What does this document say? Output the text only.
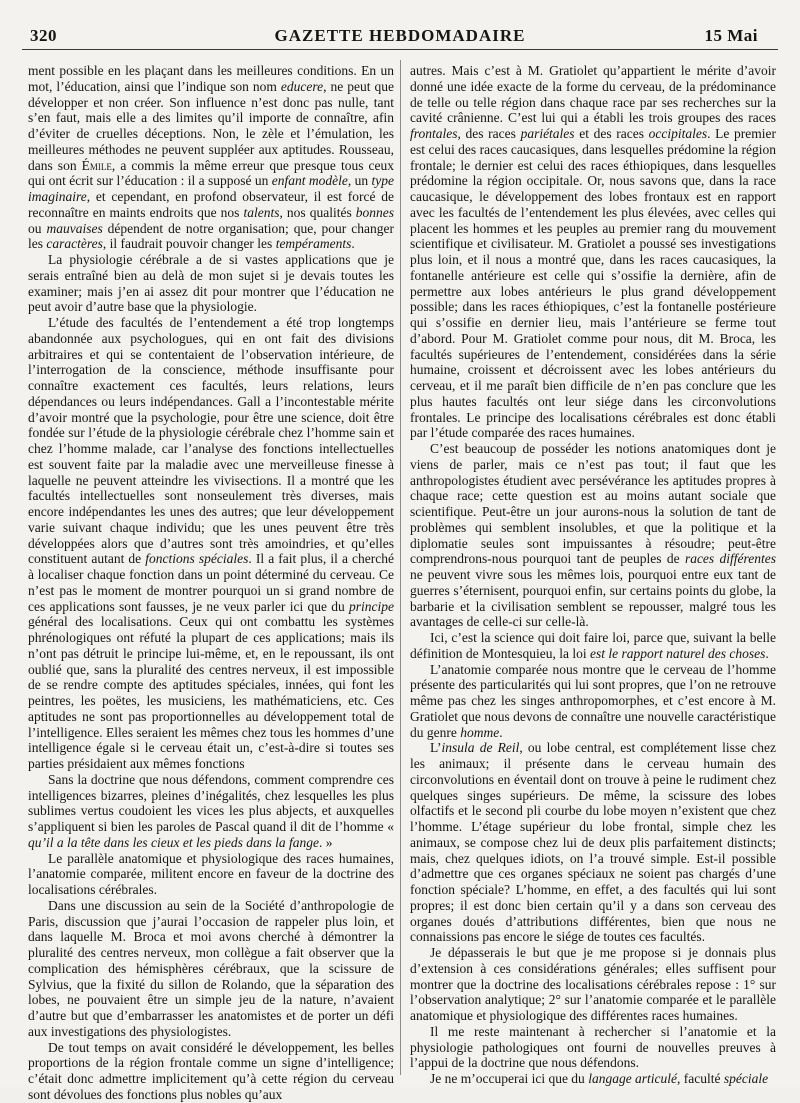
320	GAZETTE HEBDOMADAIRE	15 Mai

ment possible en les plaçant dans les meilleures conditions. En un mot, l’éducation, ainsi que l’indique son nom educere, ne peut que développer et non créer. Son influence n’est donc pas nulle, tant s’en faut, mais elle a des limites qu’il importe de connaître, afin d’éviter de cruelles déceptions. Non, le zèle et l’émulation, les meilleures méthodes ne peuvent suppléer aux aptitudes. Rousseau, dans son Émile, a commis la même erreur que presque tous ceux qui ont écrit sur l’éducation : il a supposé un enfant modèle, un type imaginaire, et cependant, en profond observateur, il est forcé de reconnaître en maints endroits que nos talents, nos qualités bonnes ou mauvaises dépendent de notre organisation; que, pour changer les caractères, il faudrait pouvoir changer les tempéraments.

La physiologie cérébrale a de si vastes applications que je serais entraîné bien au delà de mon sujet si je devais toutes les examiner; mais j’en ai assez dit pour montrer que l’éducation ne peut avoir d’autre base que la physiologie.

L’étude des facultés de l’entendement a été trop longtemps abandonnée aux psychologues, qui en ont fait des divisions arbitraires et qui se contentaient de l’observation intérieure, de l’interrogation de la conscience, méthode insuffisante pour connaître exactement ces facultés, leurs relations, leurs dépendances ou leurs indépendances. Gall a l’incontestable mérite d’avoir montré que la psychologie, pour être une science, doit être fondée sur l’étude de la physiologie cérébrale chez l’homme sain et chez l’homme malade, car l’analyse des fonctions intellectuelles est souvent faite par la maladie avec une merveilleuse finesse à laquelle ne peuvent atteindre les vivisections. Il a montré que les facultés intellectuelles sont nonseulement très diverses, mais encore indépendantes les unes des autres; que leur développement varie suivant chaque individu; que les unes peuvent être très développées alors que d’autres sont très amoindries, et qu’elles constituent autant de fonctions spéciales. Il a fait plus, il a cherché à localiser chaque fonction dans un point déterminé du cerveau. Ce n’est pas le moment de montrer pourquoi un si grand nombre de ces applications sont fausses, je ne veux parler ici que du principe général des localisations. Ceux qui ont combattu les systèmes phrénologiques ont réfuté la plupart de ces applications; mais ils n’ont pas détruit le principe lui-même, et, en le repoussant, ils ont oublié que, sans la pluralité des centres nerveux, il est impossible de se rendre compte des aptitudes spéciales, innées, qui font les peintres, les poëtes, les musiciens, les mathématiciens, etc. Ces aptitudes ne sont pas proportionnelles au développement total de l’intelligence. Elles seraient les mêmes chez tous les hommes d’une intelligence égale si le cerveau était un, c’est-à-dire si toutes ses parties présidaient aux mêmes fonctions

Sans la doctrine que nous défendons, comment comprendre ces intelligences bizarres, pleines d’inégalités, chez lesquelles les plus sublimes vertus coudoient les vices les plus abjects, et auxquelles s’appliquent si bien les paroles de Pascal quand il dit de l’homme « qu’il a la tête dans les cieux et les pieds dans la fange. »

Le parallèle anatomique et physiologique des races humaines, l’anatomie comparée, militent encore en faveur de la doctrine des localisations cérébrales.

Dans une discussion au sein de la Société d’anthropologie de Paris, discussion que j’aurai l’occasion de rappeler plus loin, et dans laquelle M. Broca et moi avons cherché à démontrer la pluralité des centres nerveux, mon collègue a fait observer que la complication des hémisphères cérébraux, que la scissure de Sylvius, que la fixité du sillon de Rolando, que la séparation des lobes, ne pouvaient être un simple jeu de la nature, n’avaient d’autre but que d’embarrasser les anatomistes et de porter un défi aux investigations des physiologistes.

De tout temps on avait considéré le développement, les belles proportions de la région frontale comme un signe d’intelligence; c’était donc admettre implicitement qu’à cette région du cerveau sont dévolues des fonctions plus nobles qu’aux

autres. Mais c’est à M. Gratiolet qu’appartient le mérite d’avoir donné une idée exacte de la forme du cerveau, de la prédominance de telle ou telle région dans chaque race par ses recherches sur la cavité crânienne. C’est lui qui a établi les trois groupes des races frontales, des races pariétales et des races occipitales. Le premier est celui des races caucasiques, dans lesquelles prédomine la région frontale; le dernier est celui des races éthiopiques, dans lesquelles prédomine la région occipitale. Or, nous savons que, dans la race caucasique, le développement des lobes frontaux est en rapport avec les facultés de l’entendement les plus élevées, avec celles qui placent les hommes et les peuples au premier rang du mouvement scientifique et civilisateur. M. Gratiolet a poussé ses investigations plus loin, et il nous a montré que, dans les races caucasiques, la fontanelle antérieure est celle qui s’ossifie la dernière, afin de permettre aux lobes antérieurs le plus grand développement possible; dans les races éthiopiques, c’est la fontanelle postérieure qui s’ossifie en dernier lieu, mais l’antérieure se ferme tout d’abord. Pour M. Gratiolet comme pour nous, dit M. Broca, les facultés supérieures de l’entendement, considérées dans la série humaine, croissent et décroissent avec les lobes antérieurs du cerveau, et il me paraît bien difficile de n’en pas conclure que les plus hautes facultés ont leur siége dans les circonvolutions frontales. Le principe des localisations cérébrales est donc établi par l’étude comparée des races humaines.

C’est beaucoup de posséder les notions anatomiques dont je viens de parler, mais ce n’est pas tout; il faut que les anthropologistes étudient avec persévérance les aptitudes propres à chaque race; cette question est au moins autant sociale que scientifique. Peut-être un jour aurons-nous la solution de tant de problèmes qui semblent insolubles, et que la politique et la diplomatie seules sont impuissantes à résoudre; peut-être comprendrons-nous pourquoi tant de peuples de races différentes ne peuvent vivre sous les mêmes lois, pourquoi entre eux tant de guerres s’éternisent, pourquoi enfin, sur certains points du globe, la barbarie et la civilisation semblent se repousser, malgré tous les avantages de celle-ci sur celle-là.

Ici, c’est la science qui doit faire loi, parce que, suivant la belle définition de Montesquieu, la loi est le rapport naturel des choses.

L’anatomie comparée nous montre que le cerveau de l’homme présente des particularités qui lui sont propres, que l’on ne retrouve même pas chez les singes anthropomorphes, et c’est encore à M. Gratiolet que nous devons de connaître une nouvelle caractéristique du genre homme.

L’insula de Reil, ou lobe central, est complétement lisse chez les animaux; il présente dans le cerveau humain des circonvolutions en éventail dont on trouve à peine le rudiment chez quelques singes supérieurs. De même, la scissure des lobes olfactifs et le second pli courbe du lobe moyen n’existent que chez l’homme. L’étage supérieur du lobe frontal, simple chez les animaux, se compose chez lui de deux plis parfaitement distincts; mais, chez quelques idiots, on l’a trouvé simple. Est-il possible d’admettre que ces organes spéciaux ne soient pas chargés d’une fonction spéciale? L’homme, en effet, a des facultés qui lui sont propres; il est donc bien certain qu’il y a dans son cerveau des organes doués d’attributions différentes, bien que nous ne connaissions pas encore le siége de toutes ces facultés.

Je dépasserais le but que je me propose si je donnais plus d’extension à ces considérations générales; elles suffisent pour montrer que la doctrine des localisations cérébrales repose : 1° sur l’observation analytique; 2° sur l’anatomie comparée et le parallèle anatomique et physiologique des différentes races humaines.

Il me reste maintenant à rechercher si l’anatomie et la physiologie pathologiques ont fourni de nouvelles preuves à l’appui de la doctrine que nous défendons.

Je ne m’occuperai ici que du langage articulé, faculté spéciale
